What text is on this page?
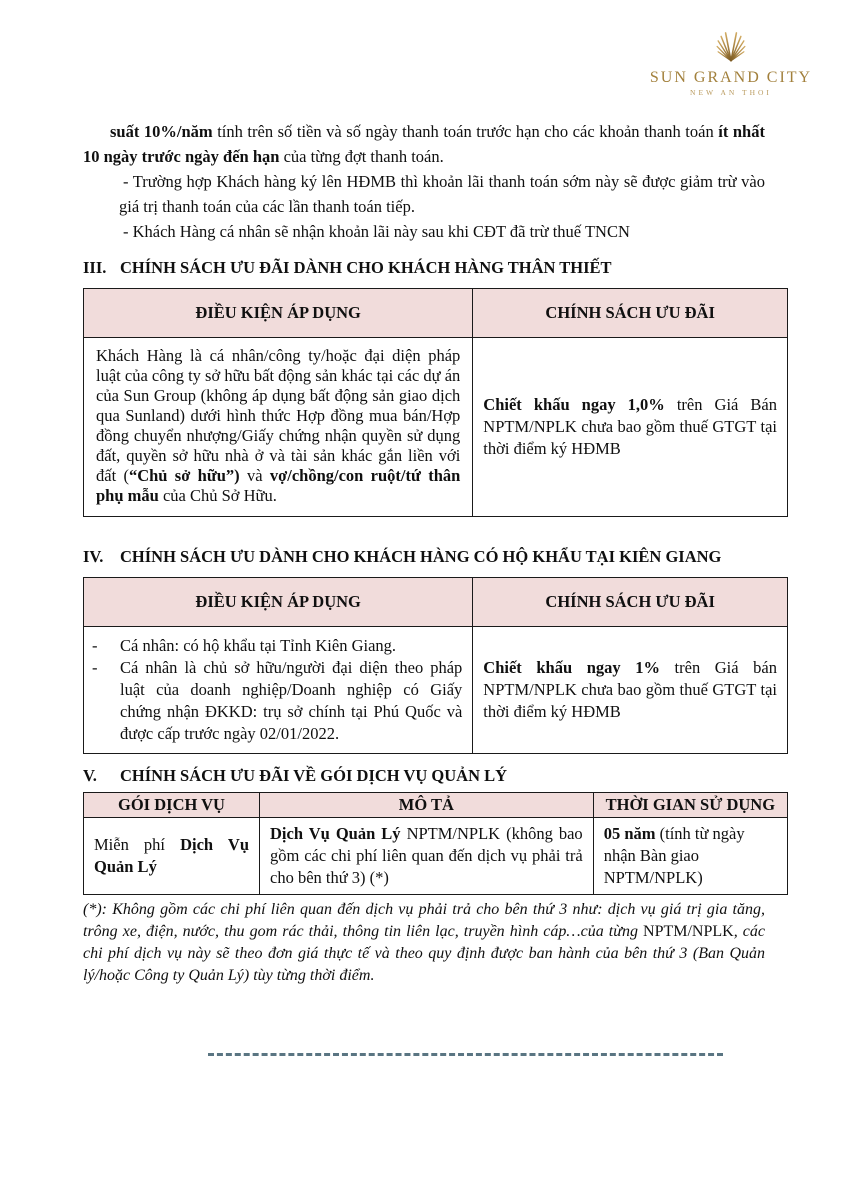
SUN GRAND CITY
NEW AN THOI

suất 10%/năm tính trên số tiền và số ngày thanh toán trước hạn cho các khoản thanh toán ít nhất 10 ngày trước ngày đến hạn của từng đợt thanh toán.

- Trường hợp Khách hàng ký lên HĐMB thì khoản lãi thanh toán sớm này sẽ được giảm trừ vào giá trị thanh toán của các lần thanh toán tiếp.

- Khách Hàng cá nhân sẽ nhận khoản lãi này sau khi CĐT đã trừ thuế TNCN

III. CHÍNH SÁCH ƯU ĐÃI DÀNH CHO KHÁCH HÀNG THÂN THIẾT
ĐIỀU KIỆN ÁP DỤNG	CHÍNH SÁCH ƯU ĐÃI
Khách Hàng là cá nhân/công ty/hoặc đại diện pháp luật của công ty sở hữu bất động sản khác tại các dự án của Sun Group (không áp dụng bất động sản giao dịch qua Sunland) dưới hình thức Hợp đồng mua bán/Hợp đồng chuyển nhượng/Giấy chứng nhận quyền sử dụng đất, quyền sở hữu nhà ở và tài sản khác gắn liền với đất (“Chủ sở hữu”) và vợ/chồng/con ruột/tứ thân phụ mẫu của Chủ Sở Hữu.	Chiết khấu ngay 1,0% trên Giá Bán NPTM/NPLK chưa bao gồm thuế GTGT tại thời điểm ký HĐMB
IV.	CHÍNH SÁCH ƯU DÀNH CHO KHÁCH HÀNG CÓ HỘ KHẨU TẠI KIÊN GIANG
ĐIỀU KIỆN ÁP DỤNG	CHÍNH SÁCH ƯU ĐÃI

- Cá nhân: có hộ khẩu tại Tỉnh Kiên Giang.
- Cá nhân là chủ sở hữu/người đại diện theo pháp luật của doanh nghiệp/Doanh nghiệp có Giấy chứng nhận ĐKKD: trụ sở chính tại Phú Quốc và được cấp trước ngày 02/01/2022.	Chiết khấu ngay 1% trên Giá bán NPTM/NPLK chưa bao gồm thuế GTGT tại thời điểm ký HĐMB
V.	CHÍNH SÁCH ƯU ĐÃI VỀ GÓI DỊCH VỤ QUẢN LÝ
GÓI DỊCH VỤ	MÔ TẢ	THỜI GIAN SỬ DỤNG
Miễn phí Dịch Vụ Quản Lý	Dịch Vụ Quản Lý NPTM/NPLK (không bao gồm các chi phí liên quan đến dịch vụ phải trả cho bên thứ 3) (*)	05 năm (tính từ ngày nhận Bàn giao NPTM/NPLK)

(*): Không gồm các chi phí liên quan đến dịch vụ phải trả cho bên thứ 3 như: dịch vụ giá trị gia tăng, trông xe, điện, nước, thu gom rác thải, thông tin liên lạc, truyền hình cáp…của từng NPTM/NPLK, các chi phí dịch vụ này sẽ theo đơn giá thực tế và theo quy định được ban hành của bên thứ 3 (Ban Quản lý/hoặc Công ty Quản Lý) tùy từng thời điểm.
